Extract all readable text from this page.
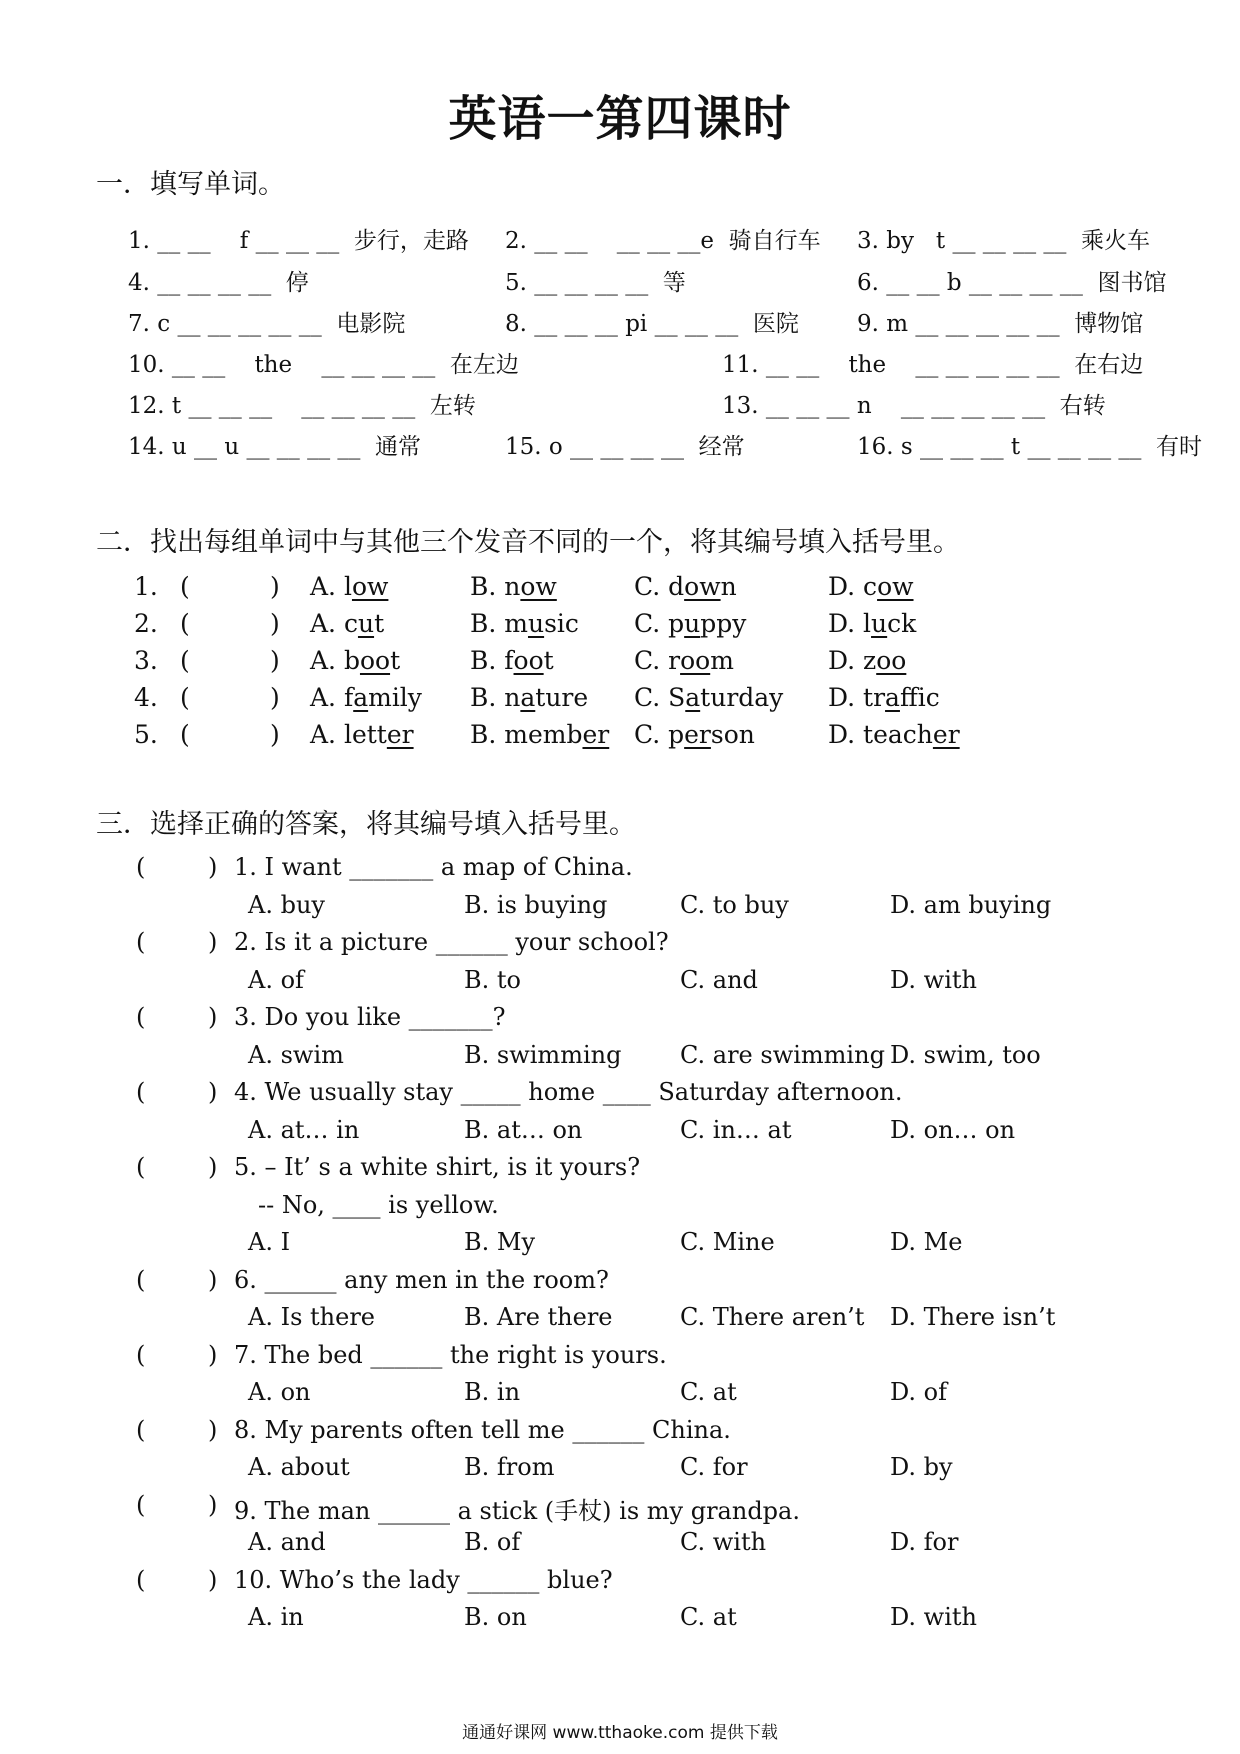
英语一第四课时
一．填写单词。
1. __ __    f __ __ __  步行，走路 2. __ __    __ __ __e  骑自行车 3. by   t __ __ __ __  乘火车
4. __ __ __ __  停	5. __ __ __ __  等	6. __ __ b __ __ __ __  图书馆
7. c __ __ __ __ __  电影院	8. __ __ __ pi __ __ __  医院	9. m __ __ __ __ __  博物馆
10. __ __    the    __ __ __ __  在左边	11. __ __    the    __ __ __ __ __  在右边
12. t __ __ __    __ __ __ __  左转	13. __ __ __ n    __ __ __ __ __  右转
14. u __ u __ __ __ __  通常	15. o __ __ __ __  经常	16. s __ __ __ t __ __ __ __  有时
二．找出每组单词中与其他三个发音不同的一个，将其编号填入括号里。
1. (
	) A. low	B. now	C. down	D. cow
2. (
	) A. cut	B. music C. puppy	D. luck
3. (
	) A. boot	B. foot	C. room	D. zoo
4. (
	) A. family B. nature C. Saturday D. traffic
5. (
	) A. letter B. member C. person	D. teacher
三．选择正确的答案，将其编号填入括号里。
(
	) 1. I want _______ a map of China.
A. buy	B. is buying	C. to buy	D. am buying
(
	) 2. Is it a picture ______ your school?
A. of	B. to	C. and	D. with
(
	) 3. Do you like _______?
A. swim	B. swimming C. are swimming D. swim, too
(
	) 4. We usually stay _____ home ____ Saturday afternoon.
A. at… in	B. at… on	C. in… at	D. on… on
(
	) 5. – It’ s a white shirt, is it yours?
-- No, ____ is yellow.
A. I	B. My	C. Mine	D. Me
(
	) 6. ______ any men in the room?
A. Is there	B. Are there	C. There aren’t D. There isn’t
(
	) 7. The bed ______ the right is yours.
A. on	B. in	C. at	D. of
(
	) 8. My parents often tell me ______ China.
A. about	B. from	C. for	D. by
(
	) 9. The man ______ a stick (手杖) is my grandpa.
A. and	B. of	C. with	D. for
(
	) 10. Who’s the lady ______ blue?
A. in	B. on	C. at	D. with
通通好课网 www.tthaoke.com 提供下载
